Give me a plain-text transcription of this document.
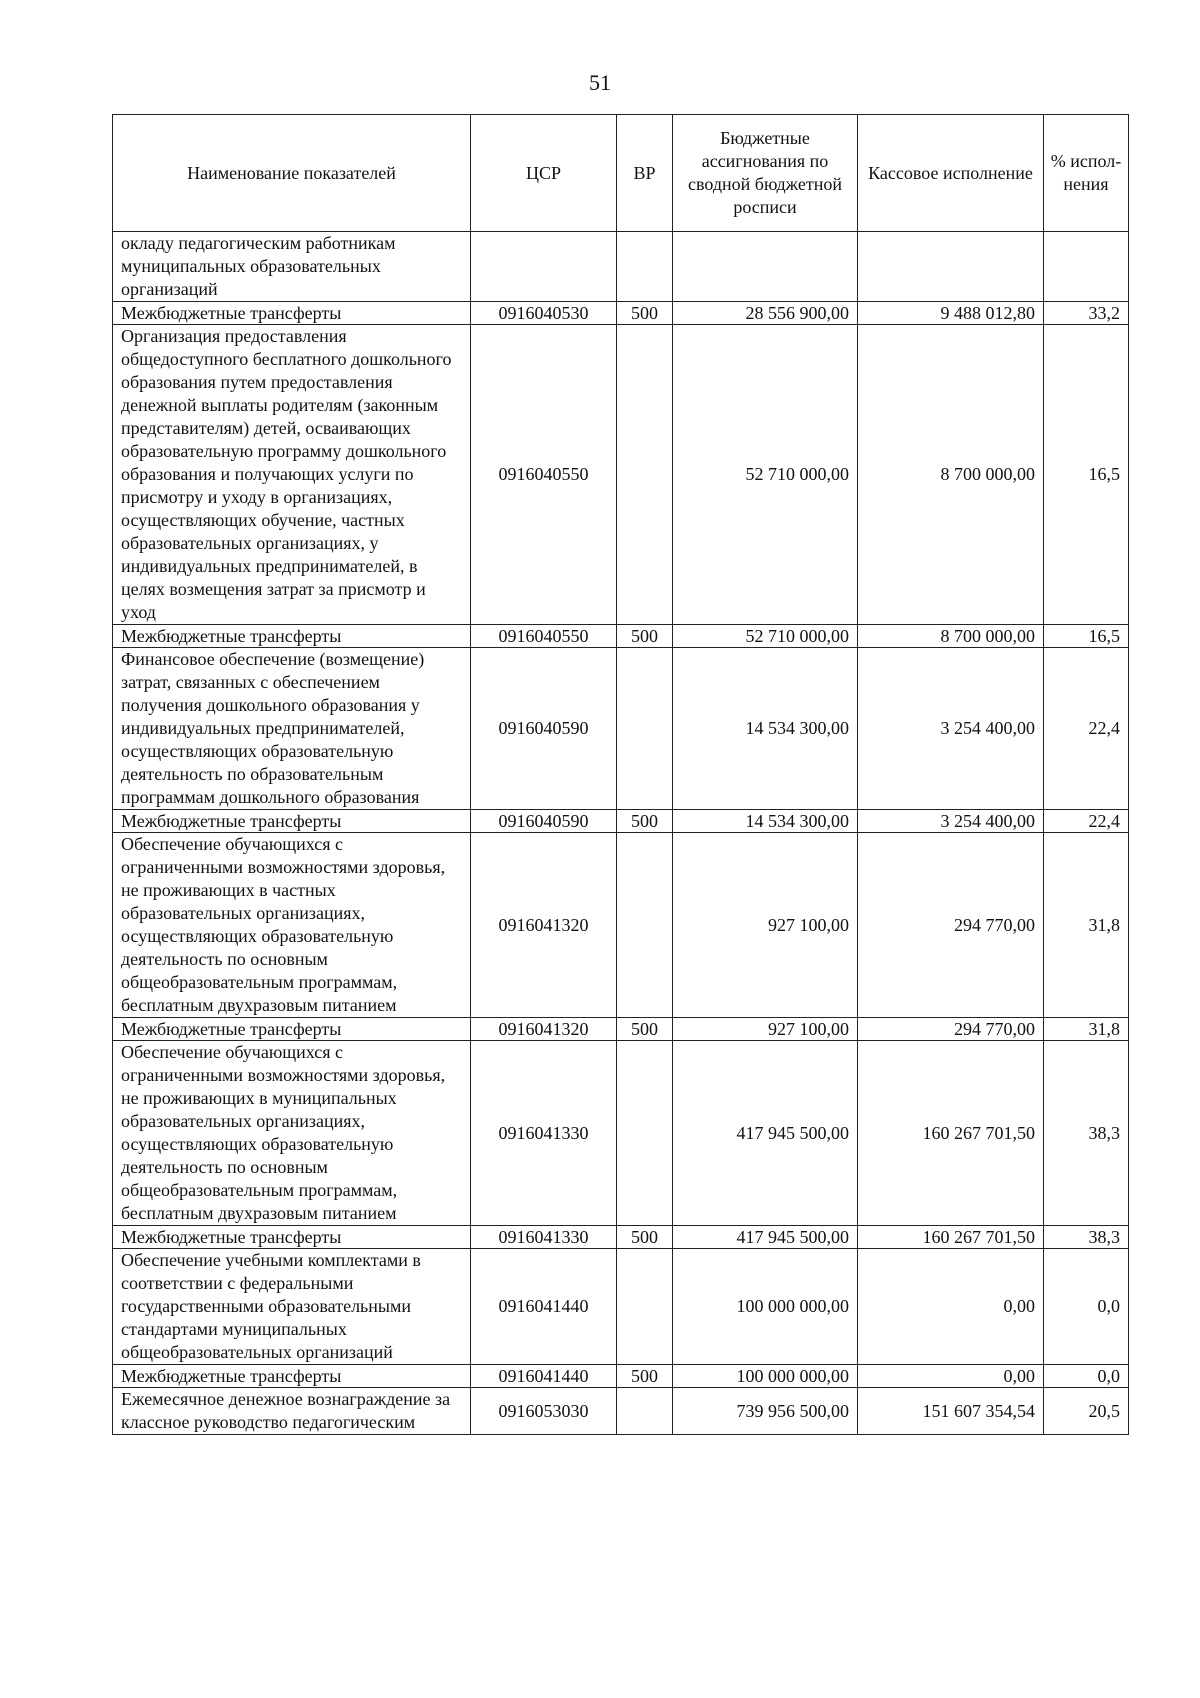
51
Наименование показателей	ЦСР	ВР	Бюджетные ассигнования по сводной бюджетной росписи	Кассовое исполнение	% испол-нения
окладу педагогическим работникам муниципальных образовательных организаций					
Межбюджетные трансферты	0916040530	500	28 556 900,00	9 488 012,80	33,2
Организация предоставления общедоступного бесплатного дошкольного образования путем предоставления денежной выплаты родителям (законным представителям) детей, осваивающих образовательную программу дошкольного образования и получающих услуги по присмотру и уходу в организациях, осуществляющих обучение, частных образовательных организациях, у индивидуальных предпринимателей, в целях возмещения затрат за присмотр и уход	0916040550		52 710 000,00	8 700 000,00	16,5
Межбюджетные трансферты	0916040550	500	52 710 000,00	8 700 000,00	16,5
Финансовое обеспечение (возмещение) затрат, связанных с обеспечением получения дошкольного образования у индивидуальных предпринимателей, осуществляющих образовательную деятельность по образовательным программам дошкольного образования	0916040590		14 534 300,00	3 254 400,00	22,4
Межбюджетные трансферты	0916040590	500	14 534 300,00	3 254 400,00	22,4
Обеспечение обучающихся с ограниченными возможностями здоровья, не проживающих в частных образовательных организациях, осуществляющих образовательную деятельность по основным общеобразовательным программам, бесплатным двухразовым питанием	0916041320		927 100,00	294 770,00	31,8
Межбюджетные трансферты	0916041320	500	927 100,00	294 770,00	31,8
Обеспечение обучающихся с ограниченными возможностями здоровья, не проживающих в муниципальных образовательных организациях, осуществляющих образовательную деятельность по основным общеобразовательным программам, бесплатным двухразовым питанием	0916041330		417 945 500,00	160 267 701,50	38,3
Межбюджетные трансферты	0916041330	500	417 945 500,00	160 267 701,50	38,3
Обеспечение учебными комплектами в соответствии с федеральными государственными образовательными стандартами муниципальных общеобразовательных организаций	0916041440		100 000 000,00	0,00	0,0
Межбюджетные трансферты	0916041440	500	100 000 000,00	0,00	0,0
Ежемесячное денежное вознаграждение за классное руководство педагогическим	0916053030		739 956 500,00	151 607 354,54	20,5
